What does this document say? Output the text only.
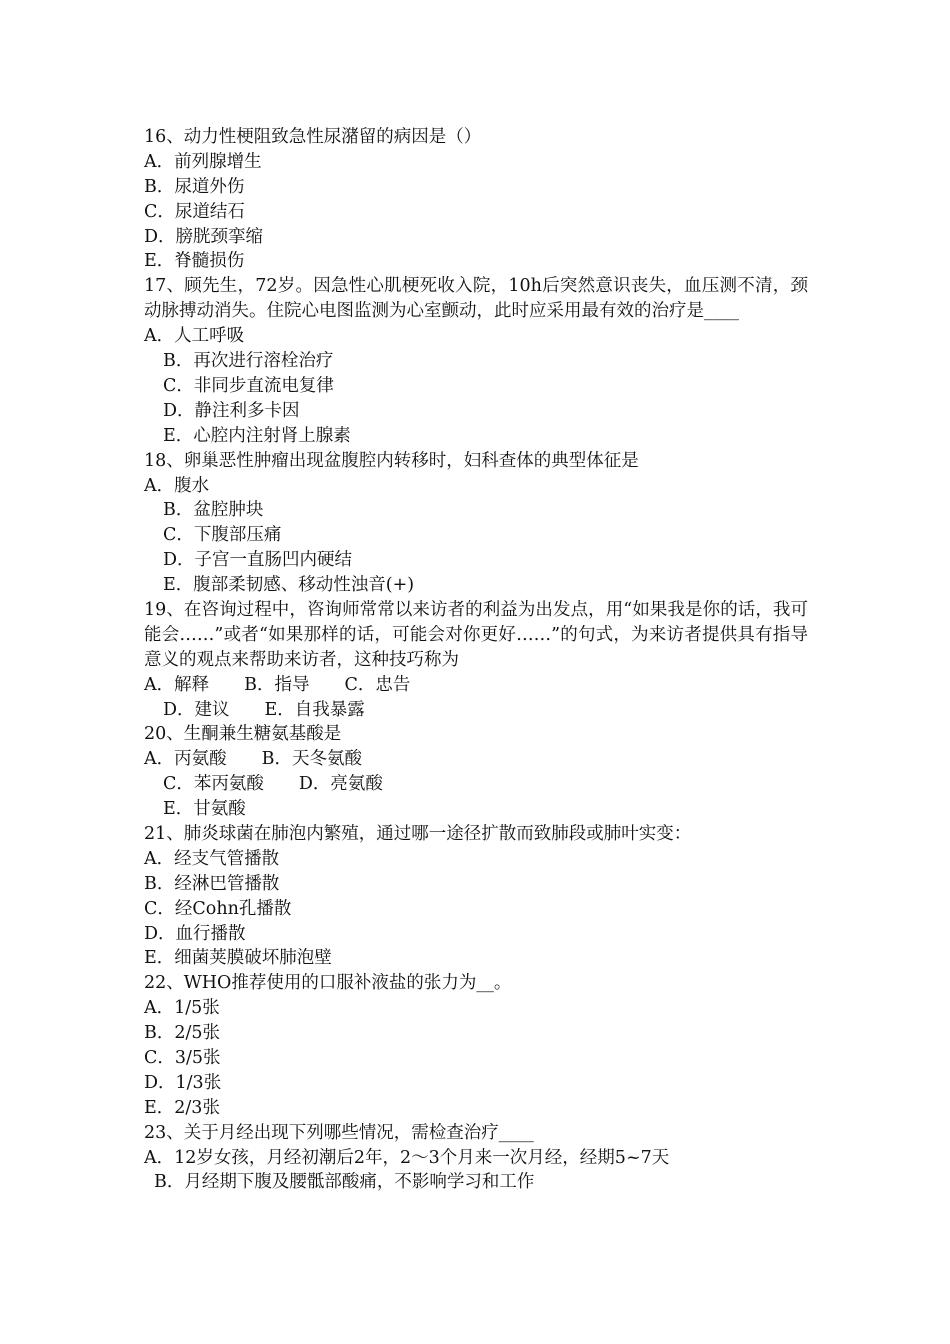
16、动力性梗阻致急性尿潴留的病因是（）
A．前列腺增生
B．尿道外伤
C．尿道结石
D．膀胱颈挛缩
E．脊髓损伤
17、顾先生，72岁。因急性心肌梗死收入院，10h后突然意识丧失，血压测不清，颈动脉搏动消失。住院心电图监测为心室颤动，此时应采用最有效的治疗是____
A．人工呼吸
B．再次进行溶栓治疗
C．非同步直流电复律
D．静注利多卡因
E．心腔内注射肾上腺素
18、卵巢恶性肿瘤出现盆腹腔内转移时，妇科查体的典型体征是
A．腹水
B．盆腔肿块
C．下腹部压痛
D．子宫一直肠凹内硬结
E．腹部柔韧感、移动性浊音(+)
19、在咨询过程中，咨询师常常以来访者的利益为出发点，用“如果我是你的话，我可能会……”或者“如果那样的话，可能会对你更好……”的句式，为来访者提供具有指导意义的观点来帮助来访者，这种技巧称为
A．解释　　B．指导　　C．忠告
D．建议　　E．自我暴露
20、生酮兼生糖氨基酸是
A．丙氨酸　　B．天冬氨酸
C．苯丙氨酸　　D．亮氨酸
E．甘氨酸
21、肺炎球菌在肺泡内繁殖，通过哪一途径扩散而致肺段或肺叶实变：
A．经支气管播散
B．经淋巴管播散
C．经Cohn孔播散
D．血行播散
E．细菌荚膜破坏肺泡壁
22、WHO推荐使用的口服补液盐的张力为__。
A．1/5张
B．2/5张
C．3/5张
D．1/3张
E．2/3张
23、关于月经出现下列哪些情况，需检查治疗____
A．12岁女孩，月经初潮后2年，2～3个月来一次月经，经期5~7天
B．月经期下腹及腰骶部酸痛，不影响学习和工作
